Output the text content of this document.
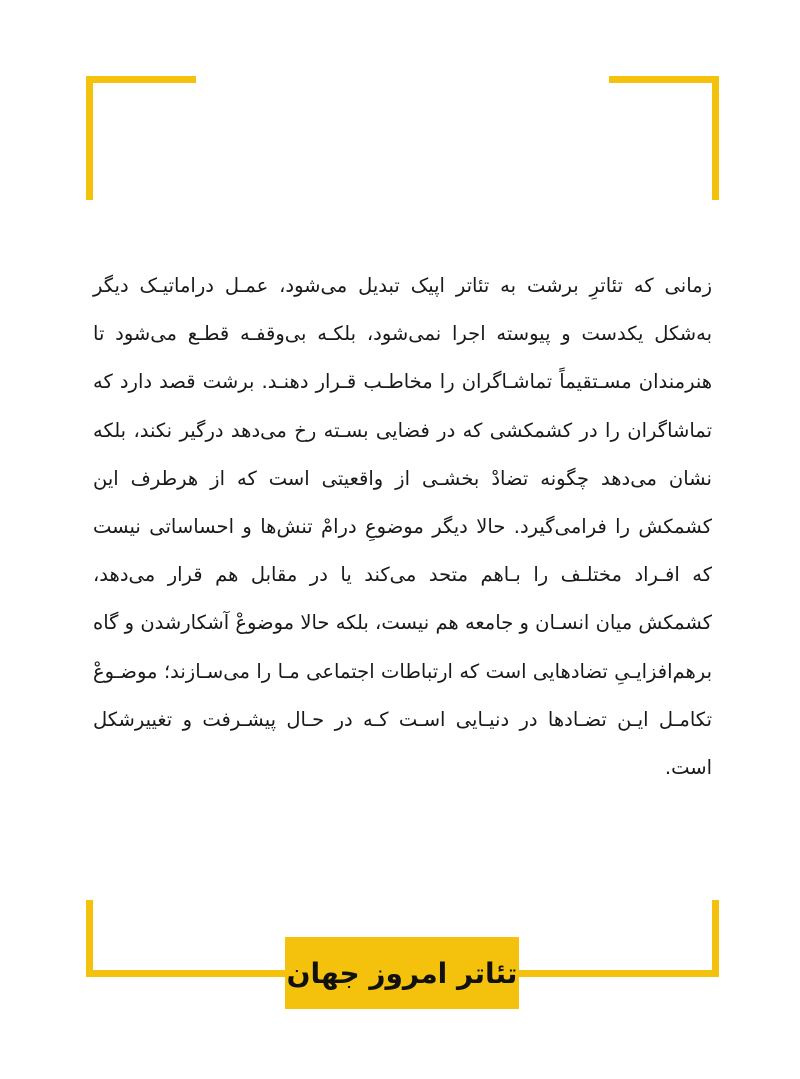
زمانی که تئاترِ برشت به تئاتر اپیک تبدیل می‌شود، عمـل دراماتیـک دیگر به‌شکل یکدست و پیوسته اجرا نمی‌شود، بلکـه بی‌وقفـه قطـع می‌شود تا هنرمندان مسـتقیماً تماشـاگران را مخاطـب قـرار دهنـد. برشت قصد دارد که تماشاگران را در کشمکشی که در فضایی بسـته رخ می‌دهد درگیر نکند، بلکه نشان می‌دهد چگونه تضادْ بخشـی از واقعیتی است که از هرطرف این کشمکش را فرامی‌گیرد. حالا دیگر موضوعِ درامْ تنش‌ها و احساساتی نیست که افـراد مختلـف را بـاهم متحد می‌کند یا در مقابل هم قرار می‌دهد، کشمکش میان انسـان و جامعه هم نیست، بلکه حالا موضوعْ آشکارشدن و گاه برهم‌افزایـیِ تضادهایی است که ارتباطات اجتماعی مـا را می‌سـازند؛ موضـوعْ تکامـل ایـن تضـادها در دنیـایی اسـت کـه در حـال پیشـرفت و تغییرشکل است.

تئاتر امروز جهان
